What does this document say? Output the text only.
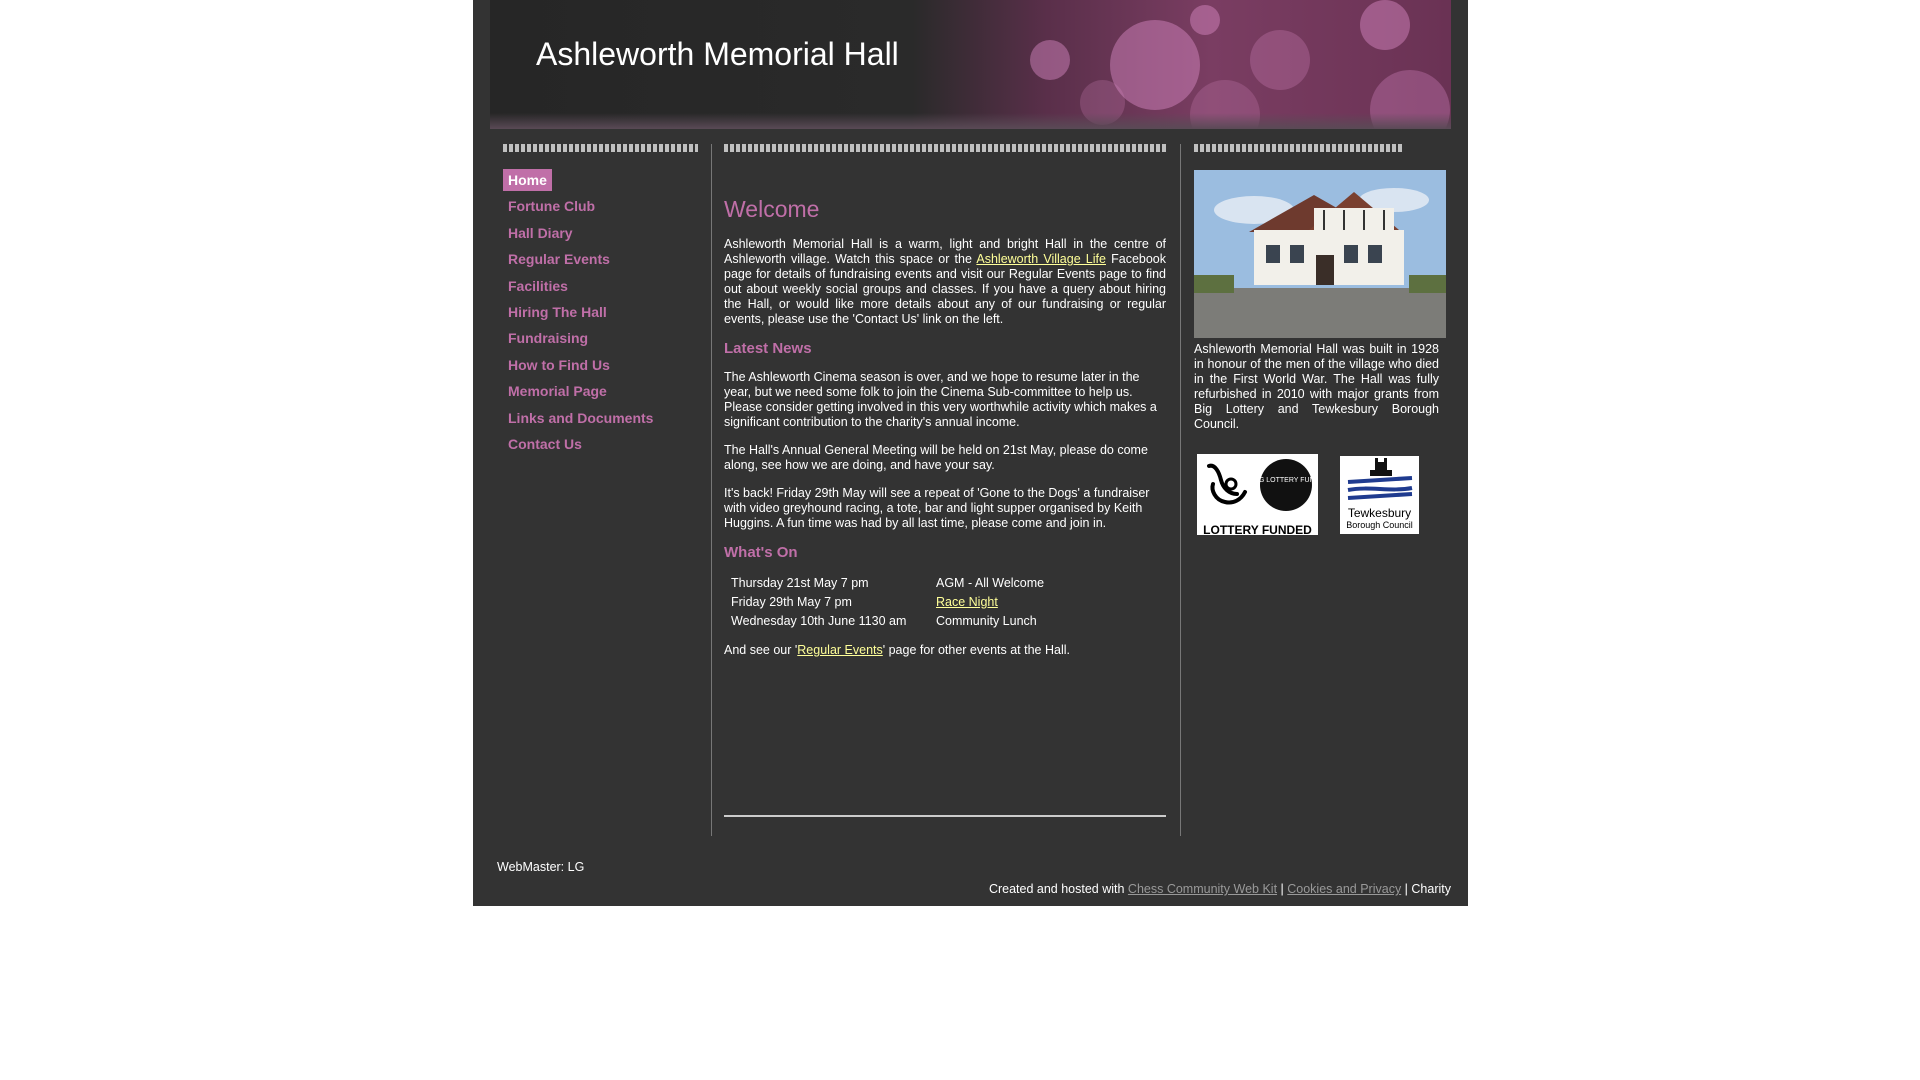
Ashleworth Memorial Hall
Home
Fortune Club
Hall Diary
Regular Events
Facilities
Hiring The Hall
Fundraising
How to Find Us
Memorial Page
Links and Documents
Contact Us
Welcome

Ashleworth Memorial Hall is a warm, light and bright Hall in the centre of Ashleworth village. Watch this space or the Ashleworth Village Life Facebook page for details of fundraising events and visit our Regular Events page to find out about weekly social groups and classes. If you have a query about hiring the Hall, or would like more details about any of our fundraising or regular events, please use the 'Contact Us' link on the left.

Latest News

The Ashleworth Cinema season is over, and we hope to resume later in the year, but we need some folk to join the Cinema Sub-committee to help us. Please consider getting involved in this very worthwhile activity which makes a significant contribution to the charity's annual income.

The Hall's Annual General Meeting will be held on 21st May, please do come along, see how we are doing, and have your say.

It's back! Friday 29th May will see a repeat of 'Gone to the Dogs' a fundraiser with video greyhound racing, a tote, bar and light supper organised by Keith Huggins. A fun time was had by all last time, please come and join in.

What's On
Thursday 21st May 7 pm	AGM - All Welcome
Friday 29th May 7 pm	Race Night
Wednesday 10th June 1130 am	Community Lunch

And see our 'Regular Events' page for other events at the Hall.

Ashleworth Memorial Hall was built in 1928 in honour of the men of the village who died in the First World War. The Hall was fully refurbished in 2010 with major grants from Big Lottery and Tewkesbury Borough Council.
BIG LOTTERY FUND
LOTTERY FUNDED
Tewkesbury
Borough Council
WebMaster: LG
Created and hosted with Chess Community Web Kit | Cookies and Privacy | Charity
